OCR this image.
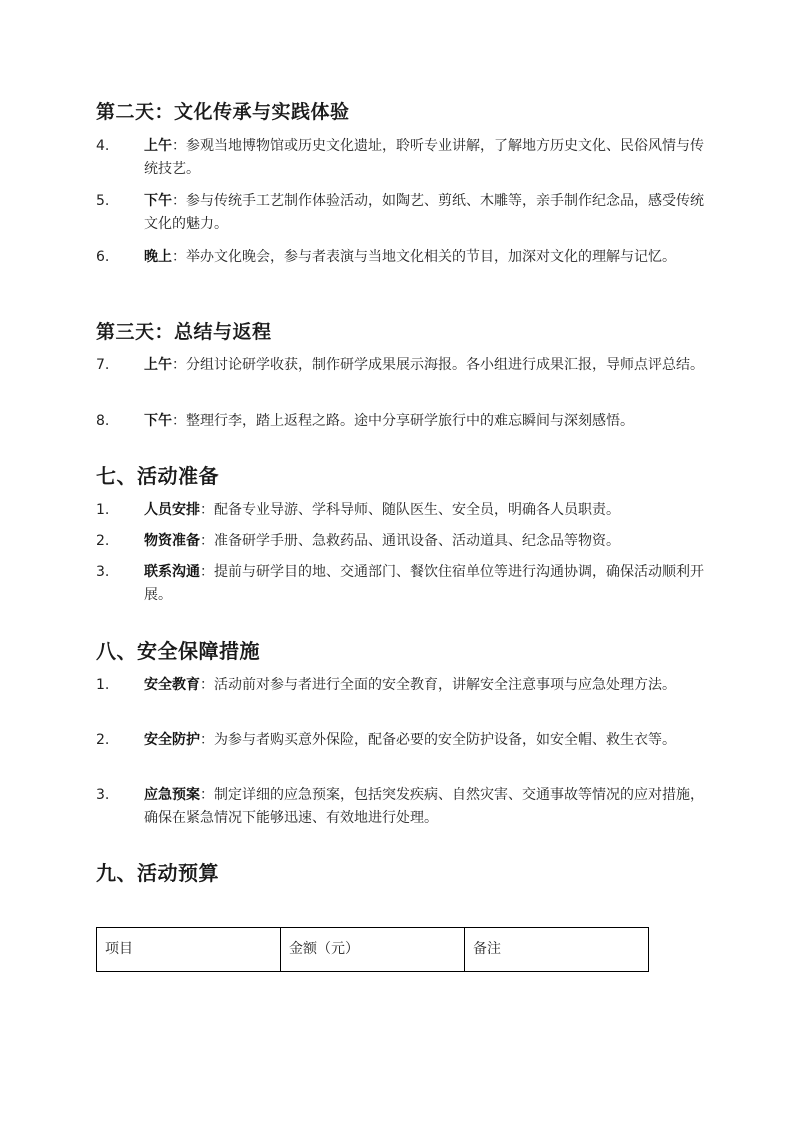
第二天：文化传承与实践体验
4.	上午：参观当地博物馆或历史文化遗址，聆听专业讲解，了解地方历史文化、民俗风情与传统技艺。
5.	下午：参与传统手工艺制作体验活动，如陶艺、剪纸、木雕等，亲手制作纪念品，感受传统文化的魅力。
6.	晚上：举办文化晚会，参与者表演与当地文化相关的节目，加深对文化的理解与记忆。
第三天：总结与返程
7.	上午：分组讨论研学收获，制作研学成果展示海报。各小组进行成果汇报，导师点评总结。
8.	下午：整理行李，踏上返程之路。途中分享研学旅行中的难忘瞬间与深刻感悟。
七、活动准备
1.	人员安排：配备专业导游、学科导师、随队医生、安全员，明确各人员职责。
2.	物资准备：准备研学手册、急救药品、通讯设备、活动道具、纪念品等物资。
3.	联系沟通：提前与研学目的地、交通部门、餐饮住宿单位等进行沟通协调，确保活动顺利开展。
八、安全保障措施
1.	安全教育：活动前对参与者进行全面的安全教育，讲解安全注意事项与应急处理方法。
2.	安全防护：为参与者购买意外保险，配备必要的安全防护设备，如安全帽、救生衣等。
3.	应急预案：制定详细的应急预案，包括突发疾病、自然灾害、交通事故等情况的应对措施，确保在紧急情况下能够迅速、有效地进行处理。
九、活动预算
项目	金额（元）	备注
